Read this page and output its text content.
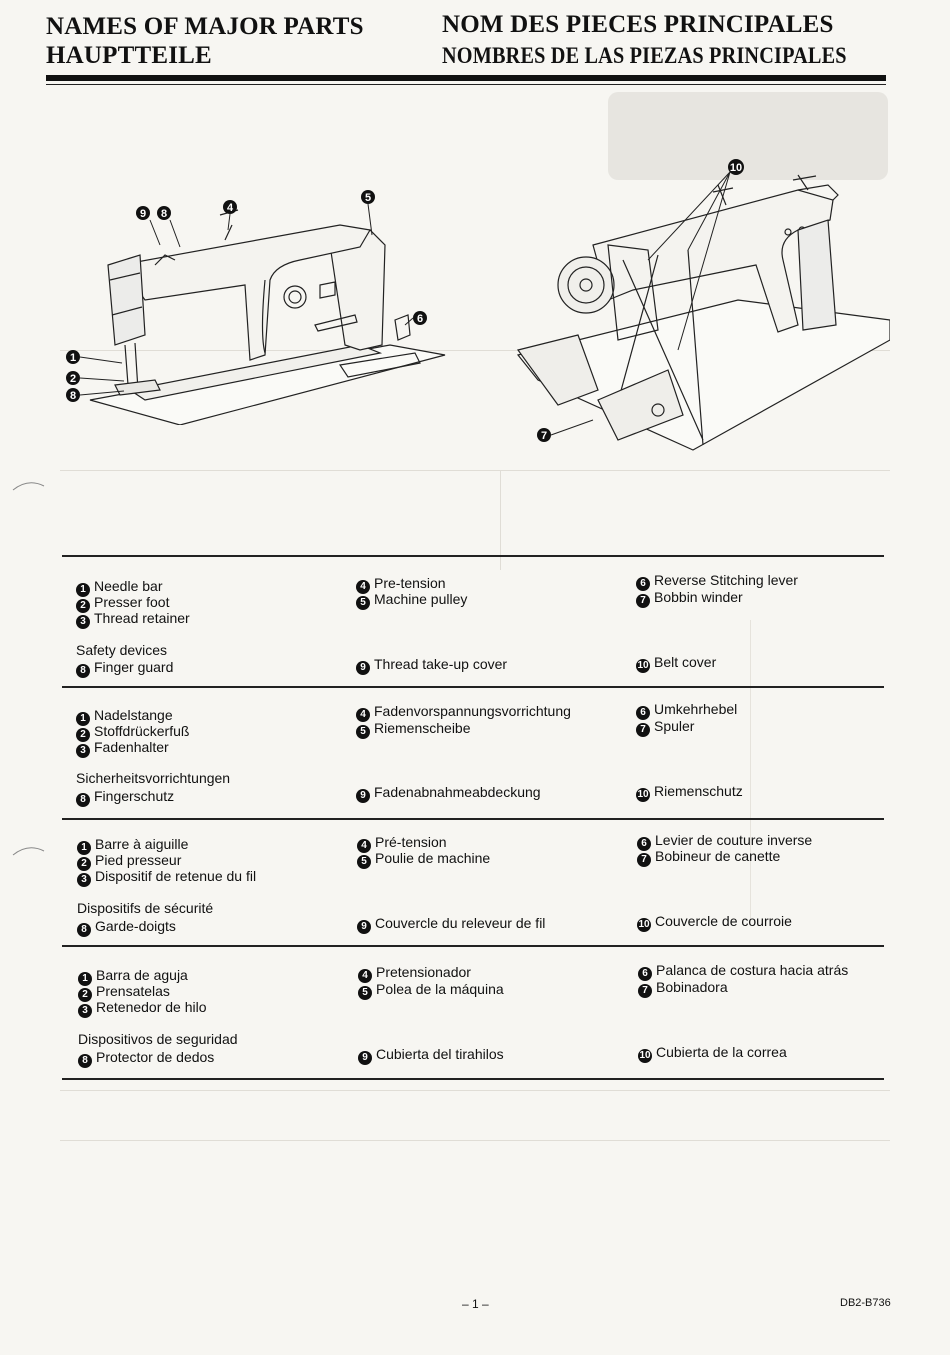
NAMES OF MAJOR PARTS
HAUPTTEILE
NOM DES PIECES PRINCIPALES
NOMBRES DE LAS PIEZAS PRINCIPALES
1
2
8
9 8	4
5
6
10
7
1 Needle bar
2 Presser foot
3 Thread retainer
Safety devices
8 Finger guard
4 Pre-tension
5 Machine pulley
9 Thread take-up cover
6 Reverse Stitching lever
7 Bobbin winder
10 Belt cover
1 Nadelstange
2 Stoffdrückerfuß
3 Fadenhalter
Sicherheitsvorrichtungen
8 Fingerschutz
4 Fadenvorspannungsvorrichtung
5 Riemenscheibe
9 Fadenabnahmeabdeckung
6 Umkehrhebel
7 Spuler
10 Riemenschutz
1 Barre à aiguille
2 Pied presseur
3 Dispositif de retenue du fil
Dispositifs de sécurité
8 Garde-doigts
4 Pré-tension
5 Poulie de machine
9 Couvercle du releveur de fil
6 Levier de couture inverse
7 Bobineur de canette
10 Couvercle de courroie
1 Barra de aguja
2 Prensatelas
3 Retenedor de hilo
Dispositivos de seguridad
8 Protector de dedos
4 Pretensionador
5 Polea de la máquina
9 Cubierta del tirahilos
6 Palanca de costura hacia atrás
7 Bobinadora
10 Cubierta de la correa
– 1 –	DB2-B736
